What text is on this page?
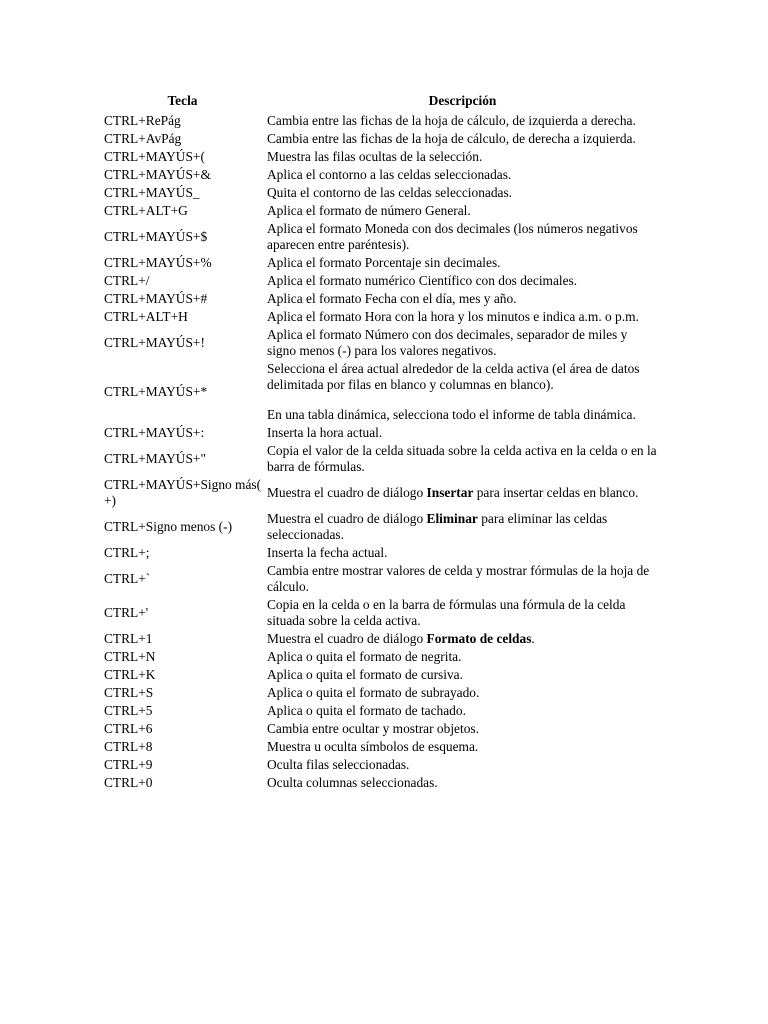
Tecla	Descripción
CTRL+RePág	Cambia entre las fichas de la hoja de cálculo, de izquierda a derecha.
CTRL+AvPág	Cambia entre las fichas de la hoja de cálculo, de derecha a izquierda.
CTRL+MAYÚS+(	Muestra las filas ocultas de la selección.
CTRL+MAYÚS+&	Aplica el contorno a las celdas seleccionadas.
CTRL+MAYÚS_	Quita el contorno de las celdas seleccionadas.
CTRL+ALT+G	Aplica el formato de número General.
CTRL+MAYÚS+$	Aplica el formato Moneda con dos decimales (los números negativos aparecen entre paréntesis).
CTRL+MAYÚS+%	Aplica el formato Porcentaje sin decimales.
CTRL+/	Aplica el formato numérico Científico con dos decimales.
CTRL+MAYÚS+#	Aplica el formato Fecha con el día, mes y año.
CTRL+ALT+H	Aplica el formato Hora con la hora y los minutos e indica a.m. o p.m.
CTRL+MAYÚS+!	Aplica el formato Número con dos decimales, separador de miles y signo menos (-) para los valores negativos.
CTRL+MAYÚS+*	Selecciona el área actual alrededor de la celda activa (el área de datos delimitada por filas en blanco y columnas en blanco).
En una tabla dinámica, selecciona todo el informe de tabla dinámica.

CTRL+MAYÚS+:	Inserta la hora actual.
CTRL+MAYÚS+"	Copia el valor de la celda situada sobre la celda activa en la celda o en la barra de fórmulas.
CTRL+MAYÚS+Signo más( +)	Muestra el cuadro de diálogo Insertar para insertar celdas en blanco.
CTRL+Signo menos (-)	Muestra el cuadro de diálogo Eliminar para eliminar las celdas seleccionadas.
CTRL+;	Inserta la fecha actual.
CTRL+`	Cambia entre mostrar valores de celda y mostrar fórmulas de la hoja de cálculo.
CTRL+'	Copia en la celda o en la barra de fórmulas una fórmula de la celda situada sobre la celda activa.
CTRL+1	Muestra el cuadro de diálogo Formato de celdas.
CTRL+N	Aplica o quita el formato de negrita.
CTRL+K	Aplica o quita el formato de cursiva.
CTRL+S	Aplica o quita el formato de subrayado.
CTRL+5	Aplica o quita el formato de tachado.
CTRL+6	Cambia entre ocultar y mostrar objetos.
CTRL+8	Muestra u oculta símbolos de esquema.
CTRL+9	Oculta filas seleccionadas.
CTRL+0	Oculta columnas seleccionadas.
